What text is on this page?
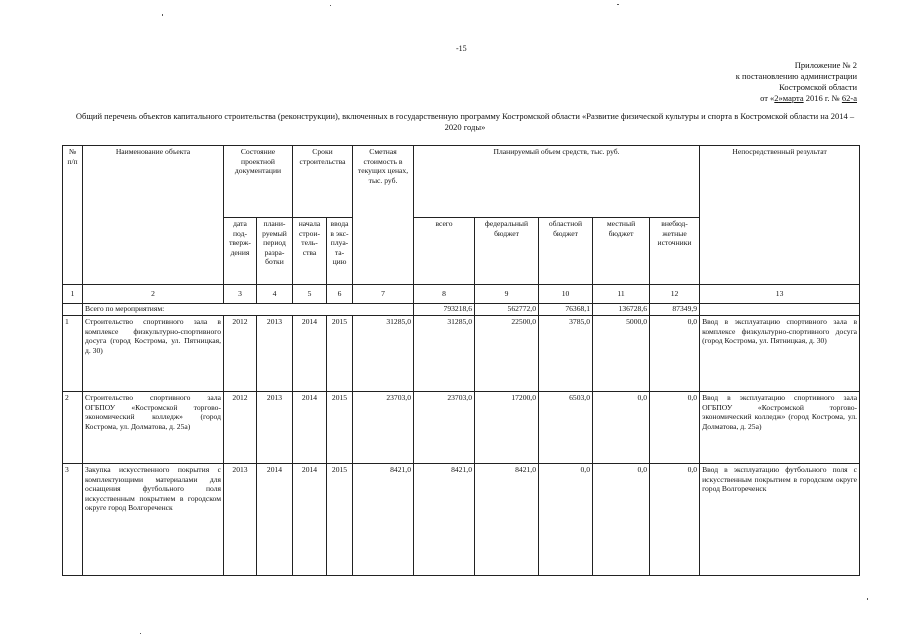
-15
Приложение № 2
к постановлению администрации
Костромской области
от «2»марта 2016 г. № 62-а
Общий перечень объектов капитального строительства (реконструкции), включенных в государственную программу Костромской области «Развитие физической культуры и спорта в Костромской области на 2014 – 2020 годы»
№ п/п	Наименование объекта	Состояние проектной документации		Сроки строительства		Сметная стоимость в текущих ценах, тыс. руб.	Планируемый объем средств, тыс. руб.					Непосредственный результат
		дата под-тверж-дения	плани-руемый период разра-ботки	начала строи-тель-ства	ввода в экс-плуа-та-цию		всего	федеральный бюджет	областной бюджет	местный бюджет	внебюд-жетные источники	
1	2	3	4	5	6	7	8	9	10	11	12	13
	Всего по мероприятиям:						793218,6	562772,0	76368,1	136728,6	87349,9	
1	Строительство спортивного зала в комплексе физкультурно-спортивного досуга (город Кострома, ул. Пятницкая, д. 30)	2012	2013	2014	2015	31285,0	31285,0	22500,0	3785,0	5000,0	0,0	Ввод в эксплуатацию спортивного зала в комплексе физкультурно-спортивного досуга (город Кострома, ул. Пятницкая, д. 30)
2	Строительство спортивного зала ОГБПОУ «Костромской торгово-экономический колледж» (город Кострома, ул. Долматова, д. 25а)	2012	2013	2014	2015	23703,0	23703,0	17200,0	6503,0	0,0	0,0	Ввод в эксплуатацию спортивного зала ОГБПОУ «Костромской торгово-экономический колледж» (город Кострома, ул. Долматова, д. 25а)
3	Закупка искусственного покрытия с комплектующими материалами для оснащения футбольного поля искусственным покрытием в городском округе город Волгореченск	2013	2014	2014	2015	8421,0	8421,0	8421,0	0,0	0,0	0,0	Ввод в эксплуатацию футбольного поля с искусственным покрытием в городском округе город Волгореченск
